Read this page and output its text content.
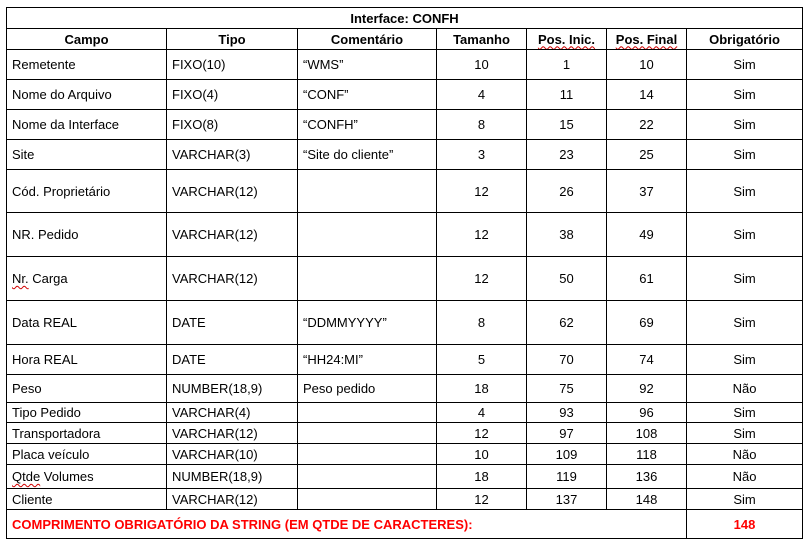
Interface: CONFH						
Campo	Tipo	Comentário	Tamanho	Pos. Inic.	Pos. Final	Obrigatório
Remetente	FIXO(10)	“WMS”	10	1	10	Sim
Nome do Arquivo	FIXO(4)	“CONF”	4	11	14	Sim
Nome da Interface	FIXO(8)	“CONFH”	8	15	22	Sim
Site	VARCHAR(3)	“Site do cliente”	3	23	25	Sim
Cód. Proprietário	VARCHAR(12)		12	26	37	Sim
NR. Pedido	VARCHAR(12)		12	38	49	Sim
Nr. Carga	VARCHAR(12)		12	50	61	Sim
Data REAL	DATE	“DDMMYYYY”	8	62	69	Sim
Hora REAL	DATE	“HH24:MI”	5	70	74	Sim
Peso	NUMBER(18,9)	Peso pedido	18	75	92	Não
Tipo Pedido	VARCHAR(4)		4	93	96	Sim
Transportadora	VARCHAR(12)		12	97	108	Sim
Placa veículo	VARCHAR(10)		10	109	118	Não
Qtde Volumes	NUMBER(18,9)		18	119	136	Não
Cliente	VARCHAR(12)		12	137	148	Sim
COMPRIMENTO OBRIGATÓRIO DA STRING (EM QTDE DE CARACTERES):						148
